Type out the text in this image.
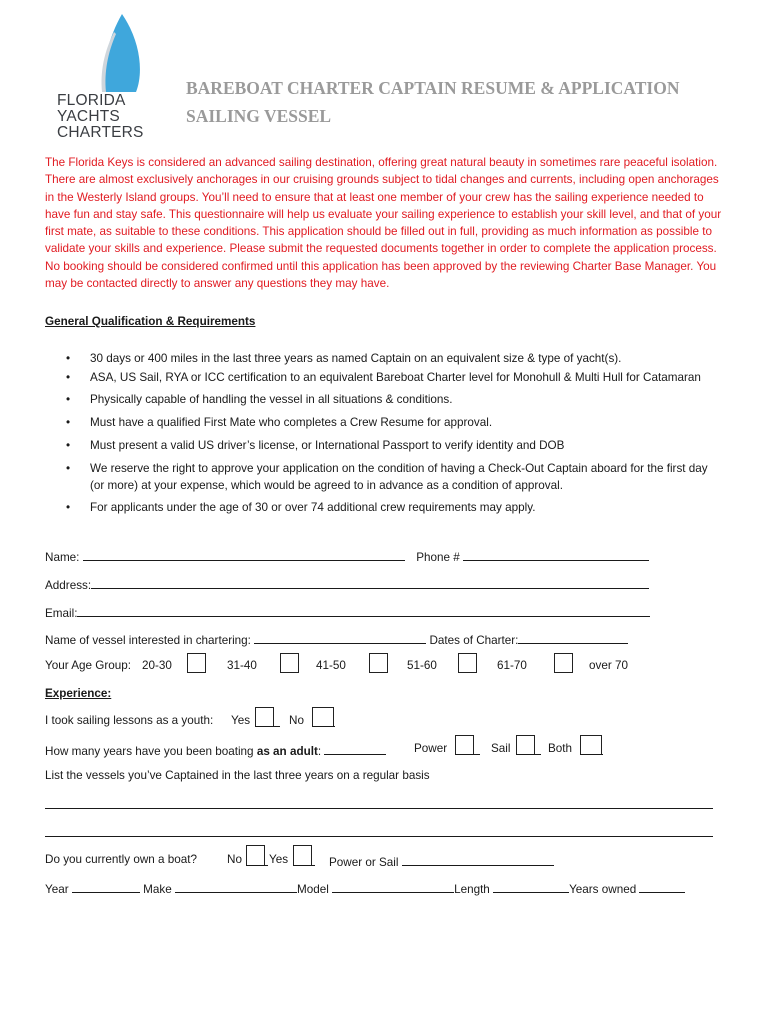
FLORIDA
YACHTS
CHARTERS
BAREBOAT CHARTER CAPTAIN RESUME & APPLICATION
SAILING VESSEL
The Florida Keys is considered an advanced sailing destination, offering great natural beauty in sometimes rare peaceful isolation. There are almost exclusively anchorages in our cruising grounds subject to tidal changes and currents, including open anchorages in the Westerly Island groups. You’ll need to ensure that at least one member of your crew has the sailing experience needed to have fun and stay safe. This questionnaire will help us evaluate your sailing experience to establish your skill level, and that of your first mate, as suitable to these conditions. This application should be filled out in full, providing as much information as possible to validate your skills and experience. Please submit the requested documents together in order to complete the application process. No booking should be considered confirmed until this application has been approved by the reviewing Charter Base Manager. You may be contacted directly to answer any questions they may have.
General Qualification & Requirements
• 30 days or 400 miles in the last three years as named Captain on an equivalent size & type of yacht(s).
• ASA, US Sail, RYA or ICC certification to an equivalent Bareboat Charter level for Monohull & Multi Hull for Catamaran
• Physically capable of handling the vessel in all situations & conditions.
• Must have a qualified First Mate who completes a Crew Resume for approval.
• Must present a valid US driver’s license, or International Passport to verify identity and DOB
• We reserve the right to approve your application on the condition of having a Check-Out Captain aboard for the first day (or more) at your expense, which would be agreed to in advance as a condition of approval.
• For applicants under the age of 30 or over 74 additional crew requirements may apply.
Name:	Phone #
Address:
Email:
Name of vessel interested in chartering:	Dates of Charter:
Your Age Group: 20-30	31-40	41-50	51-60	61-70	over 70
Experience:
I took sailing lessons as a youth: Yes	No
How many years have you been boating as an adult:	Power	Sail	Both
List the vessels you’ve Captained in the last three years on a regular basis
Do you currently own a boat?	No Yes	Power or Sail
Year	Make	Model	Length	Years owned
